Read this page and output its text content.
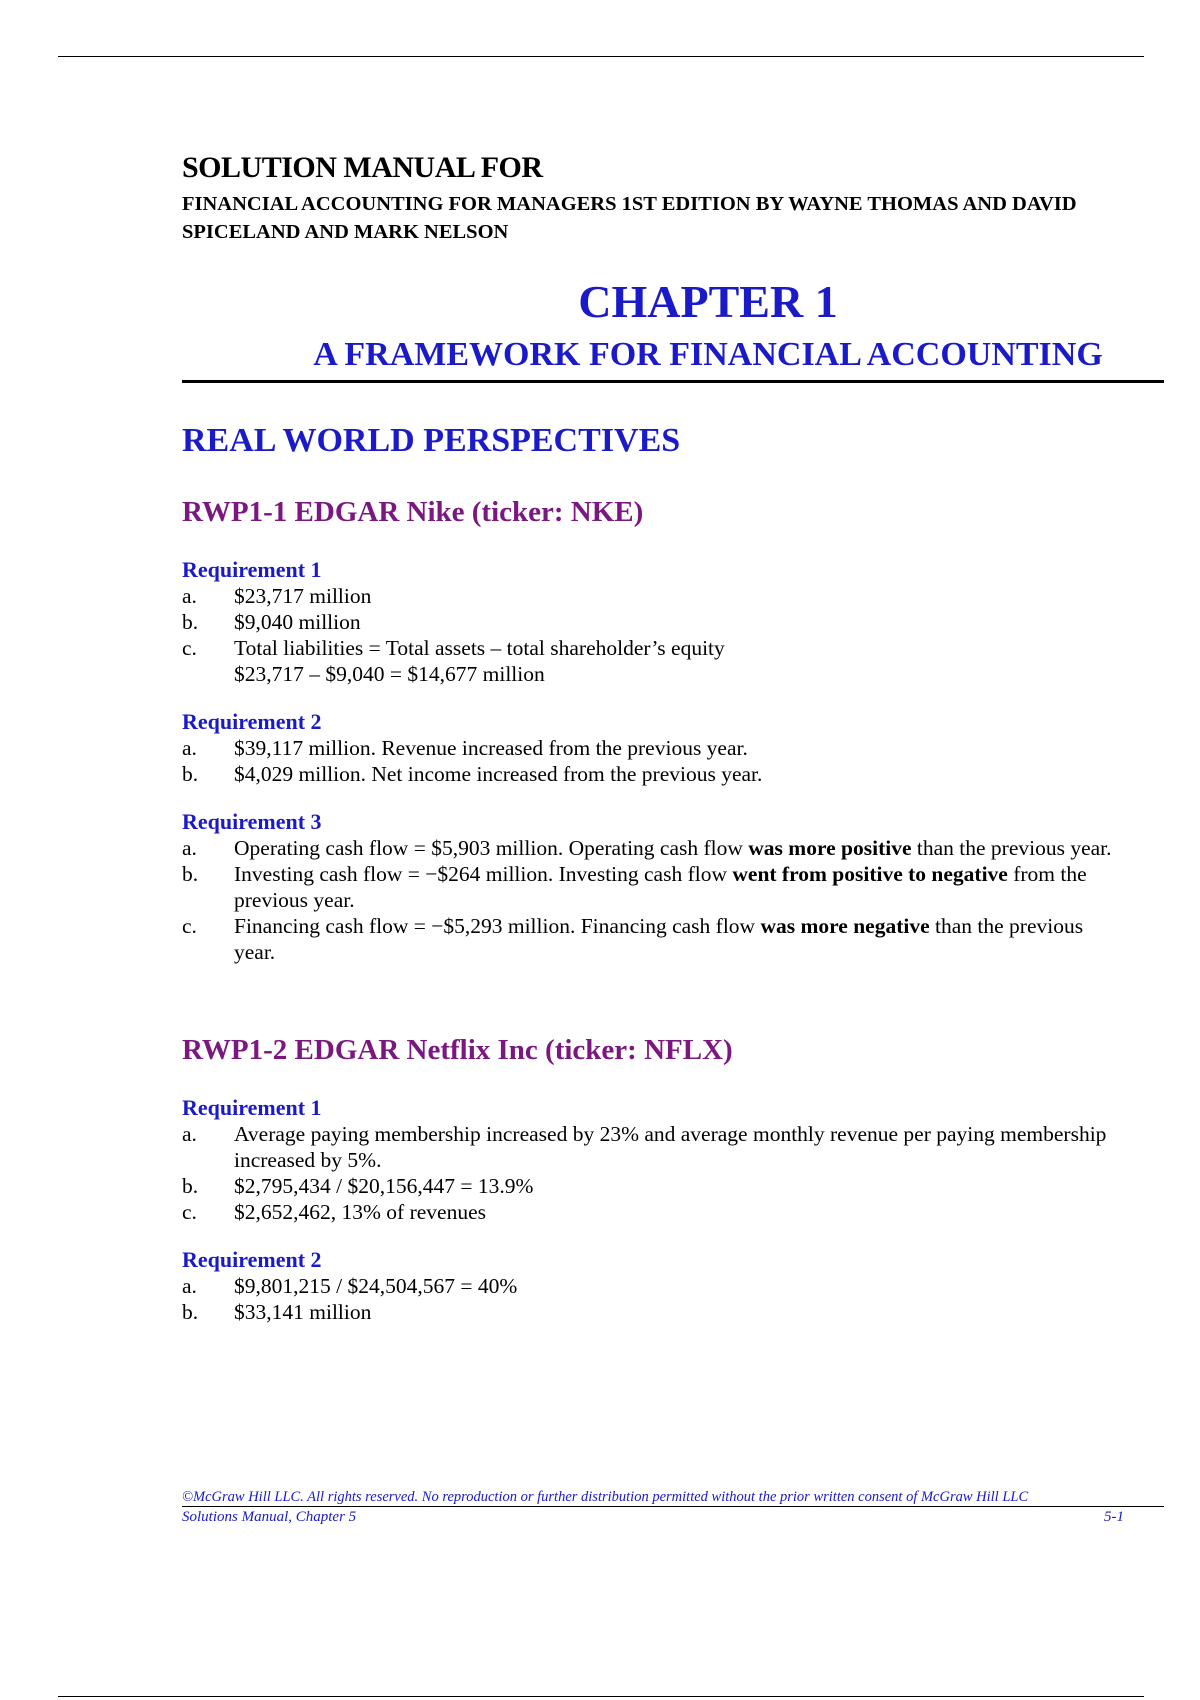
SOLUTION MANUAL FOR
FINANCIAL ACCOUNTING FOR MANAGERS 1ST EDITION BY WAYNE THOMAS AND DAVID SPICELAND AND MARK NELSON
CHAPTER 1
A FRAMEWORK FOR FINANCIAL ACCOUNTING
REAL WORLD PERSPECTIVES
RWP1-1 EDGAR Nike (ticker: NKE)
Requirement 1
a. $23,717 million
b. $9,040 million
c. Total liabilities = Total assets – total shareholder’s equity
$23,717 – $9,040 = $14,677 million
Requirement 2
a. $39,117 million. Revenue increased from the previous year.
b. $4,029 million. Net income increased from the previous year.
Requirement 3
a. Operating cash flow = $5,903 million. Operating cash flow was more positive than the previous year.
b. Investing cash flow = −$264 million. Investing cash flow went from positive to negative from the previous year.
c. Financing cash flow = −$5,293 million. Financing cash flow was more negative than the previous year.
RWP1-2 EDGAR Netflix Inc (ticker: NFLX)
Requirement 1
a. Average paying membership increased by 23% and average monthly revenue per paying membership increased by 5%.
b. $2,795,434 / $20,156,447 = 13.9%
c. $2,652,462, 13% of revenues
Requirement 2
a. $9,801,215 / $24,504,567 = 40%
b. $33,141 million
©McGraw Hill LLC. All rights reserved. No reproduction or further distribution permitted without the prior written consent of McGraw Hill LLC
Solutions Manual, Chapter 5	5-1
